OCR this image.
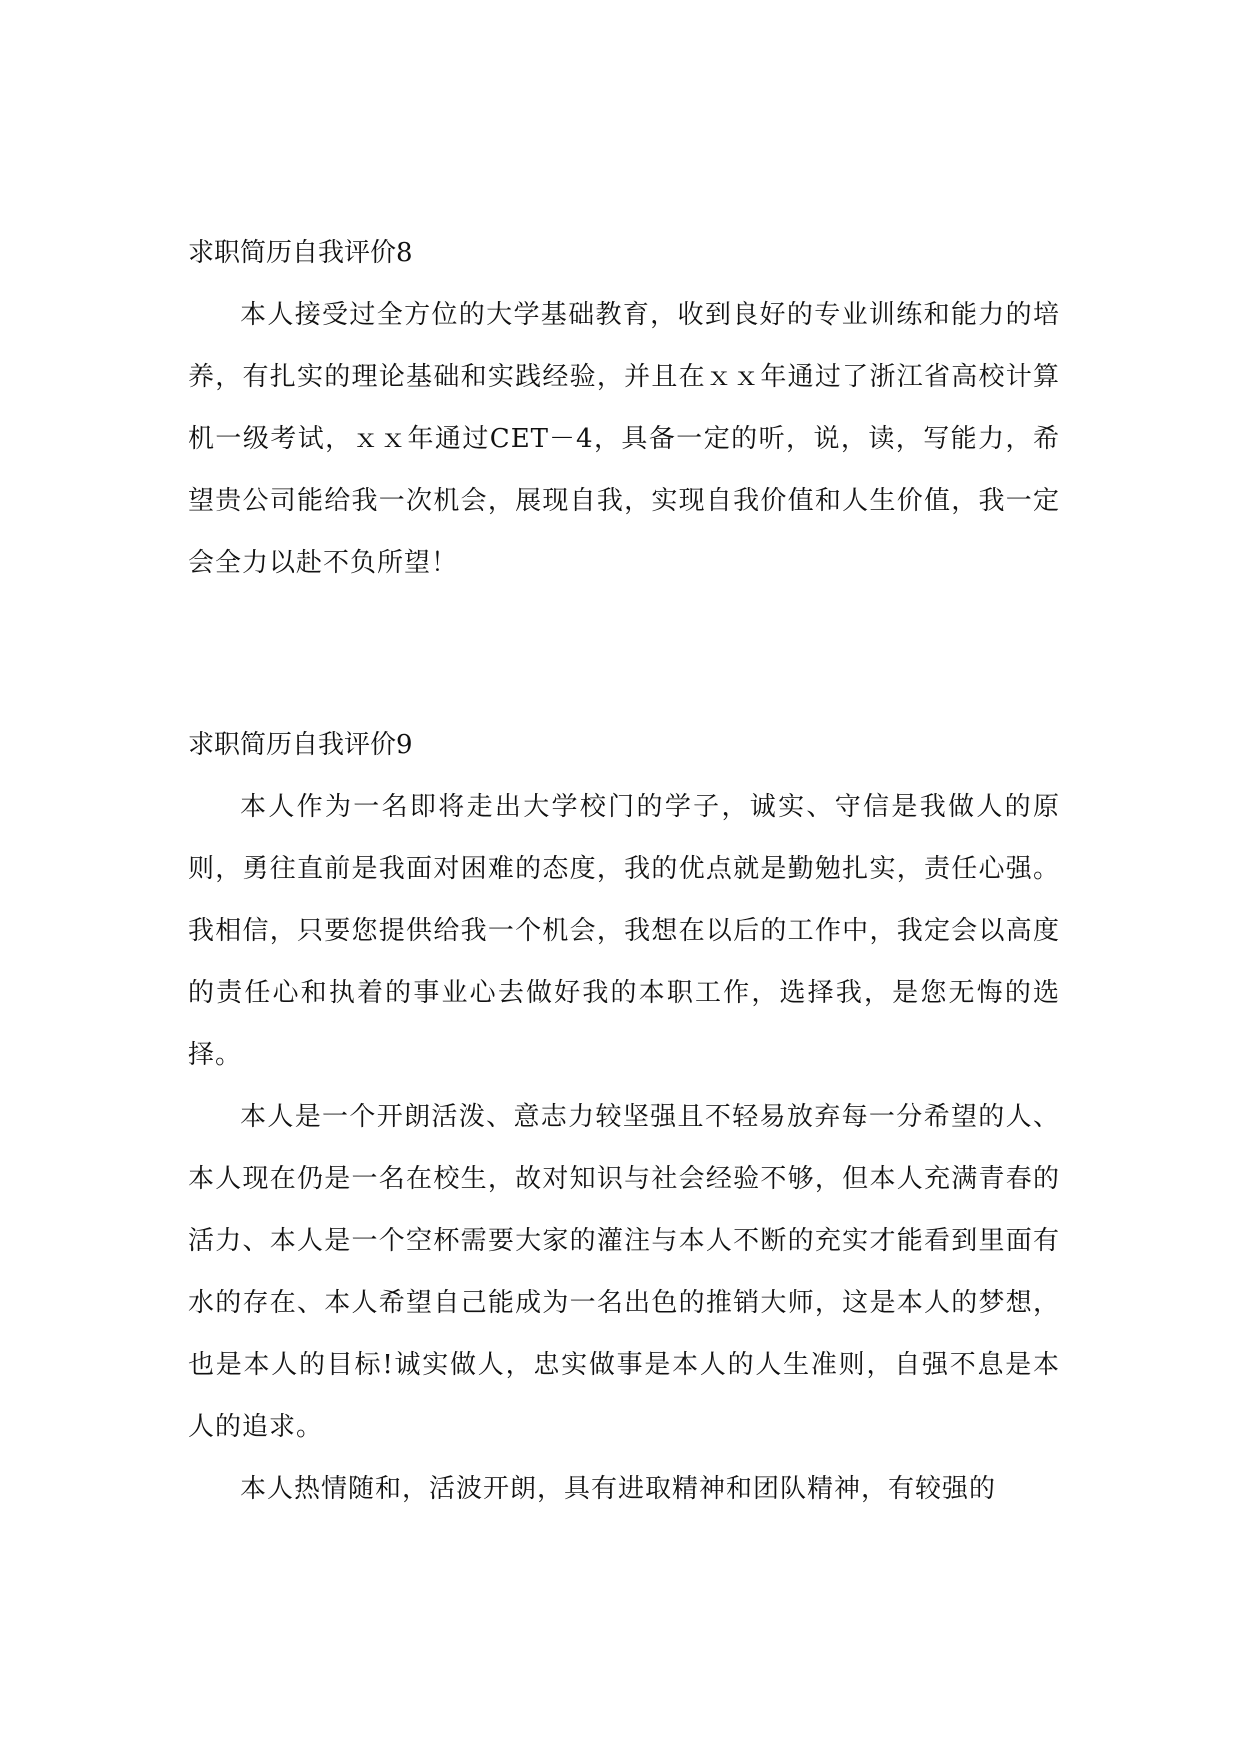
求职简历自我评价8

本人接受过全方位的大学基础教育，收到良好的专业训练和能力的培养，有扎实的理论基础和实践经验，并且在ｘｘ年通过了浙江省高校计算机一级考试，ｘｘ年通过CET－4，具备一定的听，说，读，写能力，希望贵公司能给我一次机会，展现自我，实现自我价值和人生价值，我一定会全力以赴不负所望！

求职简历自我评价9

本人作为一名即将走出大学校门的学子，诚实、守信是我做人的原则，勇往直前是我面对困难的态度，我的优点就是勤勉扎实，责任心强。我相信，只要您提供给我一个机会，我想在以后的工作中，我定会以高度的责任心和执着的事业心去做好我的本职工作，选择我，是您无悔的选择。

本人是一个开朗活泼、意志力较坚强且不轻易放弃每一分希望的人、本人现在仍是一名在校生，故对知识与社会经验不够，但本人充满青春的活力、本人是一个空杯需要大家的灌注与本人不断的充实才能看到里面有水的存在、本人希望自己能成为一名出色的推销大师，这是本人的梦想，也是本人的目标!诚实做人，忠实做事是本人的人生准则，自强不息是本人的追求。

本人热情随和，活波开朗，具有进取精神和团队精神，有较强的
